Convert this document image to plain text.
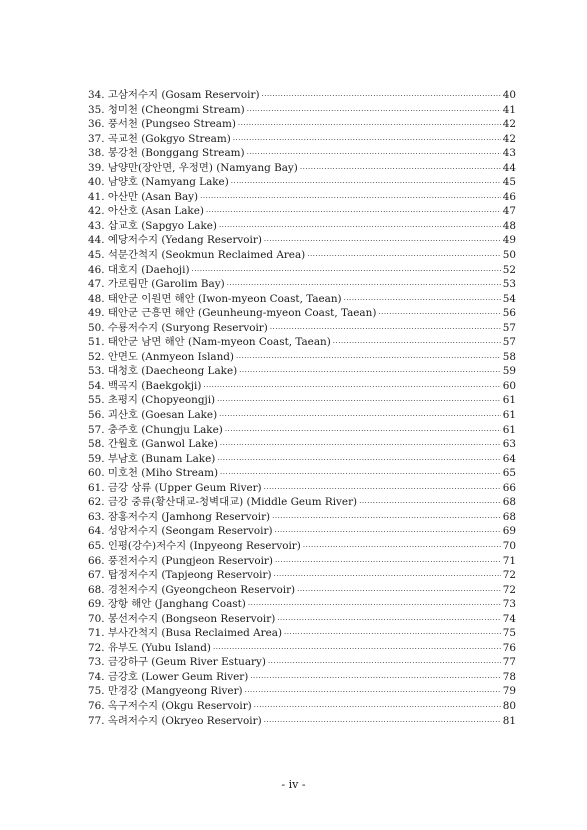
34. 고삼저수지 (Gosam Reservoir) ·····	40
35. 청미천 (Cheongmi Stream) ·····	41
36. 풍서천 (Pungseo Stream) ·····	42
37. 곡교천 (Gokgyo Stream) ·····	42
38. 봉강천 (Bonggang Stream) ·····	43
39. 남양만(장안면, 우정면) (Namyang Bay) ·····	44
40. 남양호 (Namyang Lake) ·····	45
41. 아산만 (Asan Bay) ·····	46
42. 아산호 (Asan Lake) ·····	47
43. 삽교호 (Sapgyo Lake) ·····	48
44. 예당저수지 (Yedang Reservoir) ·····	49
45. 석문간척지 (Seokmun Reclaimed Area) ·····	50
46. 대호지 (Daehoji) ·····	52
47. 가로림만 (Garolim Bay) ·····	53
48. 태안군 이원면 해안 (Iwon-myeon Coast, Taean) ·····	54
49. 태안군 근흥면 해안 (Geunheung-myeon Coast, Taean) ·····	56
50. 수룡저수지 (Suryong Reservoir) ·····	57
51. 태안군 남면 해안 (Nam-myeon Coast, Taean) ·····	57
52. 안면도 (Anmyeon Island) ·····	58
53. 대청호 (Daecheong Lake) ·····	59
54. 백곡지 (Baekgokji) ·····	60
55. 초평지 (Chopyeongji) ·····	61
56. 괴산호 (Goesan Lake) ·····	61
57. 충주호 (Chungju Lake) ·····	61
58. 간월호 (Ganwol Lake) ·····	63
59. 부남호 (Bunam Lake) ·····	64
60. 미호천 (Miho Stream) ·····	65
61. 금강 상류 (Upper Geum River) ·····	66
62. 금강 중류(황산대교-청벽대교) (Middle Geum River) ·····	68
63. 잠홍저수지 (Jamhong Reservoir) ·····	68
64. 성암저수지 (Seongam Reservoir) ·····	69
65. 인평(강수)저수지 (Inpyeong Reservoir) ·····	70
66. 풍전저수지 (Pungjeon Reservoir) ·····	71
67. 탑정저수지 (Tapjeong Reservoir) ·····	72
68. 경천저수지 (Gyeongcheon Reservoir) ·····	72
69. 장항 해안 (Janghang Coast) ·····	73
70. 봉선저수지 (Bongseon Reservoir) ·····	74
71. 부사간척지 (Busa Reclaimed Area) ·····	75
72. 유부도 (Yubu Island) ·····	76
73. 금강하구 (Geum River Estuary) ·····	77
74. 금강호 (Lower Geum River) ·····	78
75. 만경강 (Mangyeong River) ·····	79
76. 옥구저수지 (Okgu Reservoir) ·····	80
77. 옥려저수지 (Okryeo Reservoir) ·····	81
- iv -
